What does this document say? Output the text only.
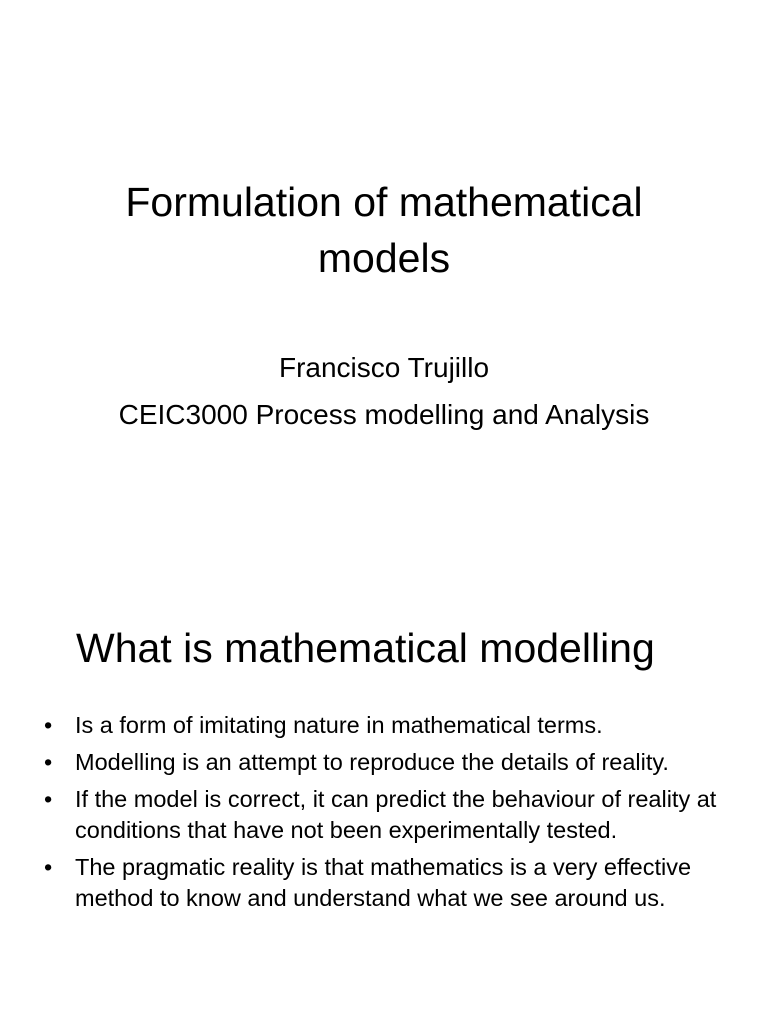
Formulation of mathematical models
Francisco Trujillo
CEIC3000 Process modelling and Analysis
What is mathematical modelling
• Is a form of imitating nature in mathematical terms.
• Modelling is an attempt to reproduce the details of reality.
• If the model is correct, it can predict the behaviour of reality at conditions that have not been experimentally tested.
• The pragmatic reality is that mathematics is a very effective method to know and understand what we see around us.
